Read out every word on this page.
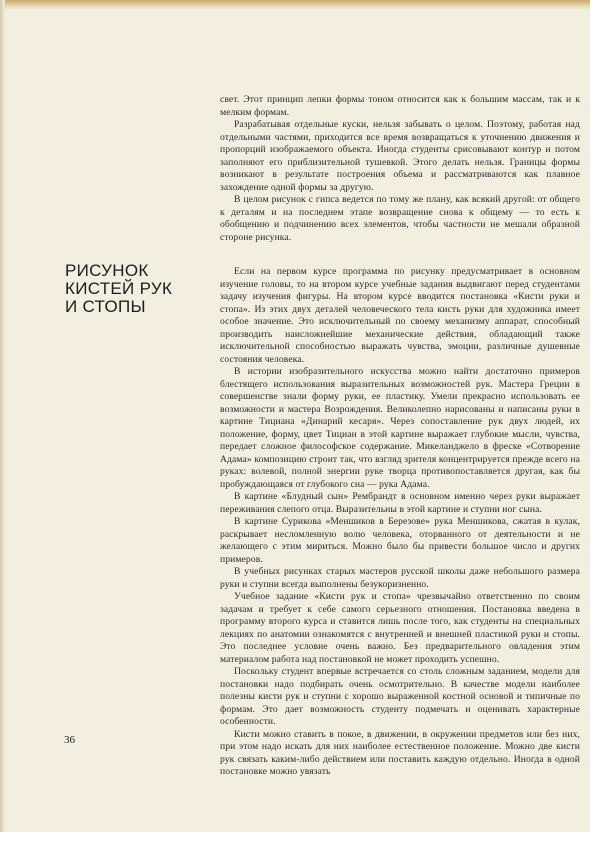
свет. Этот принцип лепки формы тоном относится как к большим массам, так и к мелким формам.

Разрабатывая отдельные куски, нельзя забывать о целом. Поэтому, работая над отдельными частями, приходится все время возвращаться к уточнению движения и пропорций изображаемого объекта. Иногда студенты срисовывают контур и потом заполняют его приблизительной тушевкой. Этого делать нельзя. Границы формы возникают в результате построения объема и рассматриваются как плавное захождение одной формы за другую.

В целом рисунок с гипса ведется по тому же плану, как всякий другой: от общего к деталям и на последнем этапе возвращение снова к общему — то есть к обобщению и подчинению всех элементов, чтобы частности не мешали образной стороне рисунка.

РИСУНОК
КИСТЕЙ РУК
И СТОПЫ

Если на первом курсе программа по рисунку предусматривает в основном изучение головы, то на втором курсе учебные задания выдвигают перед студентами задачу изучения фигуры. На втором курсе вводится постановка «Кисти руки и стопа». Из этих двух деталей человеческого тела кисть руки для художника имеет особое значение. Это исключительный по своему механизму аппарат, способный производить наисложнейшие механические действия, обладающий также исключительной способностью выражать чувства, эмоции, различные душевные состояния человека.

В истории изобразительного искусства можно найти достаточно примеров блестящего использования выразительных возможностей рук. Мастера Греции в совершенстве знали форму руки, ее пластику. Умели прекрасно использовать ее возможности и мастера Возрождения. Великолепно нарисованы и написаны руки в картине Тициана «Динарий кесаря». Через сопоставление рук двух людей, их положение, форму, цвет Тициан в этой картине выражает глубокие мысли, чувства, передает сложное философское содержание. Микеланджело в фреске «Сотворение Адама» композицию строит так, что взгляд зрителя концентрируется прежде всего на руках: волевой, полной энергии руке творца противопоставляется другая, как бы пробуждающаяся от глубокого сна — рука Адама.

В картине «Блудный сын» Рембрандт в основном именно через руки выражает переживания слепого отца. Выразительны в этой картине и ступни ног сына.

В картине Сурикова «Меншиков в Березове» рука Меншикова, сжатая в кулак, раскрывает несломленную волю человека, оторванного от деятельности и не желающего с этим мириться. Можно было бы привести большое число и других примеров.

В учебных рисунках старых мастеров русской школы даже небольшого размера руки и ступни всегда выполнены безукоризненно.

Учебное задание «Кисти рук и стопа» чрезвычайно ответственно по своим задачам и требует к себе самого серьезного отношения. Постановка введена в программу второго курса и ставится лишь после того, как студенты на специальных лекциях по анатомии ознакомятся с внутренней и внешней пластикой руки и стопы. Это последнее условие очень важно. Без предварительного овладения этим материалом работа над постановкой не может проходить успешно.

Поскольку студент впервые встречается со столь сложным заданием, модели для постановки надо подбирать очень осмотрительно. В качестве модели наиболее полезны кисти рук и ступни с хорошо выраженной костной основой и типичные по формам. Это дает возможность студенту подмечать и оценивать характерные особенности.

Кисти можно ставить в покое, в движении, в окружении предметов или без них, при этом надо искать для них наиболее естественное положение. Можно две кисти рук связать каким-либо действием или поставить каждую отдельно. Иногда в одной постановке можно увязать

36
